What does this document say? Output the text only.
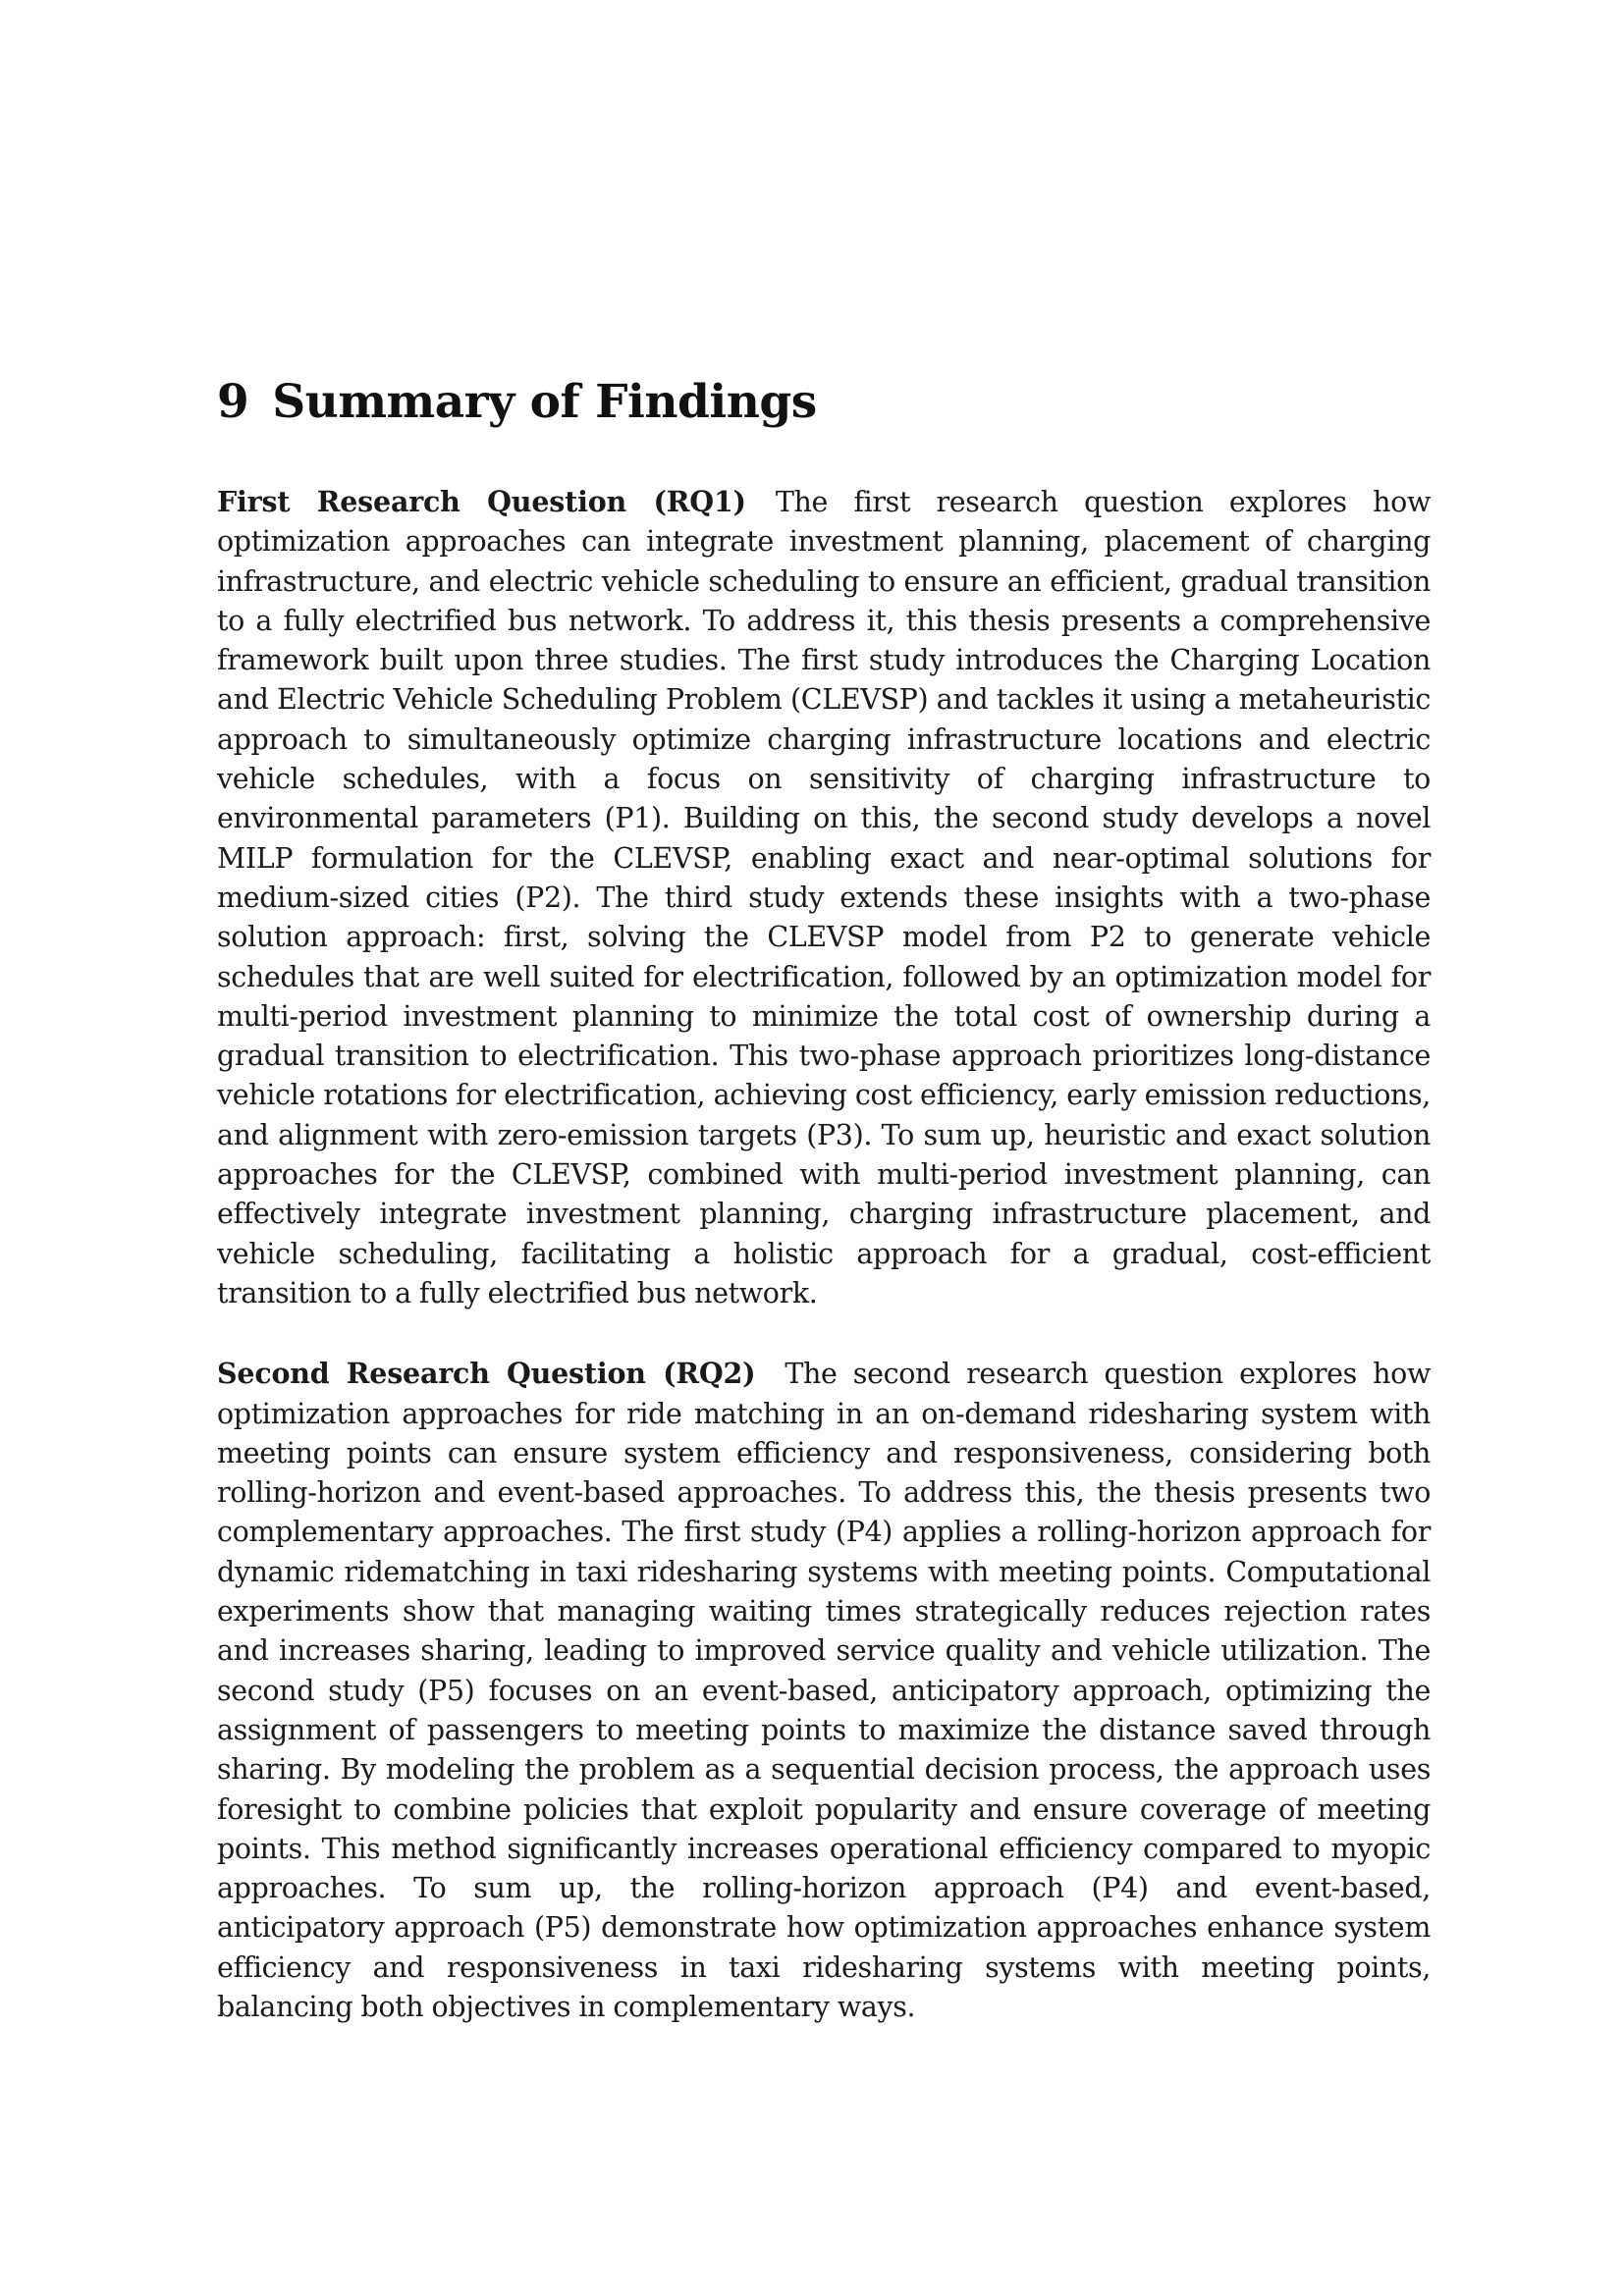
9 Summary of Findings

First Research Question (RQ1) The first research question explores how optimization approaches can integrate investment planning, placement of charging infrastructure, and electric vehicle scheduling to ensure an efficient, gradual transition to a fully electrified bus network. To address it, this thesis presents a comprehensive framework built upon three studies. The first study introduces the Charging Location and Electric Vehicle Scheduling Problem (CLEVSP) and tackles it using a metaheuristic approach to simultaneously optimize charging infrastructure locations and electric vehicle schedules, with a focus on sensitivity of charging infrastructure to environmental parameters (P1). Building on this, the second study develops a novel MILP formulation for the CLEVSP, enabling exact and near-optimal solutions for medium-sized cities (P2). The third study extends these insights with a two-phase solution approach: first, solving the CLEVSP model from P2 to generate vehicle schedules that are well suited for electrification, followed by an optimization model for multi-period investment planning to minimize the total cost of ownership during a gradual transition to electrification. This two-phase approach prioritizes long-distance vehicle rotations for electrification, achieving cost efficiency, early emission reductions, and alignment with zero-emission targets (P3). To sum up, heuristic and exact solution approaches for the CLEVSP, combined with multi-period investment planning, can effectively integrate investment planning, charging infrastructure placement, and vehicle scheduling, facilitating a holistic approach for a gradual, cost-efficient transition to a fully electrified bus network.

Second Research Question (RQ2) The second research question explores how optimization approaches for ride matching in an on-demand ridesharing system with meeting points can ensure system efficiency and responsiveness, considering both rolling-horizon and event-based approaches. To address this, the thesis presents two complementary approaches. The first study (P4) applies a rolling-horizon approach for dynamic ridematching in taxi ridesharing systems with meeting points. Computational experiments show that managing waiting times strategically reduces rejection rates and increases sharing, leading to improved service quality and vehicle utilization. The second study (P5) focuses on an event-based, anticipatory approach, optimizing the assignment of passengers to meeting points to maximize the distance saved through sharing. By modeling the problem as a sequential decision process, the approach uses foresight to combine policies that exploit popularity and ensure coverage of meeting points. This method significantly increases operational efficiency compared to myopic approaches. To sum up, the rolling-horizon approach (P4) and event-based, anticipatory approach (P5) demonstrate how optimization approaches enhance system efficiency and responsiveness in taxi ridesharing systems with meeting points, balancing both objectives in complementary ways.
